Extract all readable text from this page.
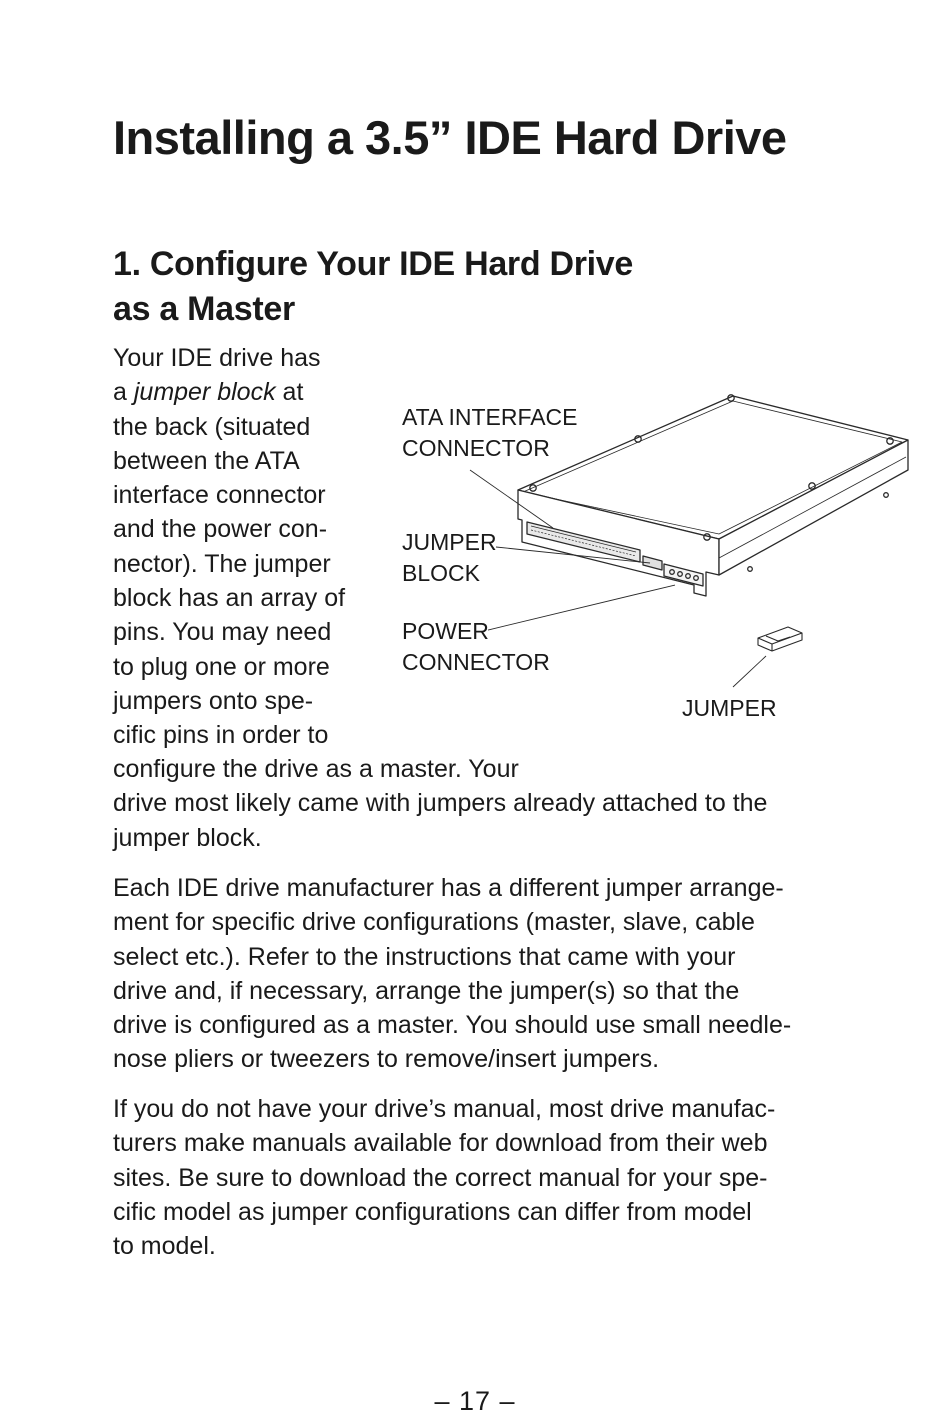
Installing a 3.5” IDE Hard Drive
1. Configure Your IDE Hard Drive
as a Master
Your IDE drive has
a jumper block at
the back (situated
between the ATA
interface connector
and the power con-
nector). The jumper
block has an array of
pins. You may need
to plug one or more
jumpers onto spe-
cific pins in order to
configure the drive as a master. Your
drive most likely came with jumpers already attached to the
jumper block.
Each IDE drive manufacturer has a different jumper arrange-
ment for specific drive configurations (master, slave, cable
select etc.). Refer to the instructions that came with your
drive and, if necessary, arrange the jumper(s) so that the
drive is configured as a master. You should use small needle-
nose pliers or tweezers to remove/insert jumpers.
If you do not have your drive’s manual, most drive manufac-
turers make manuals available for download from their web
sites. Be sure to download the correct manual for your spe-
cific model as jumper configurations can differ from model
to model.
ATA INTERFACE
CONNECTOR
JUMPER
BLOCK
POWER
CONNECTOR
JUMPER
– 17 –
